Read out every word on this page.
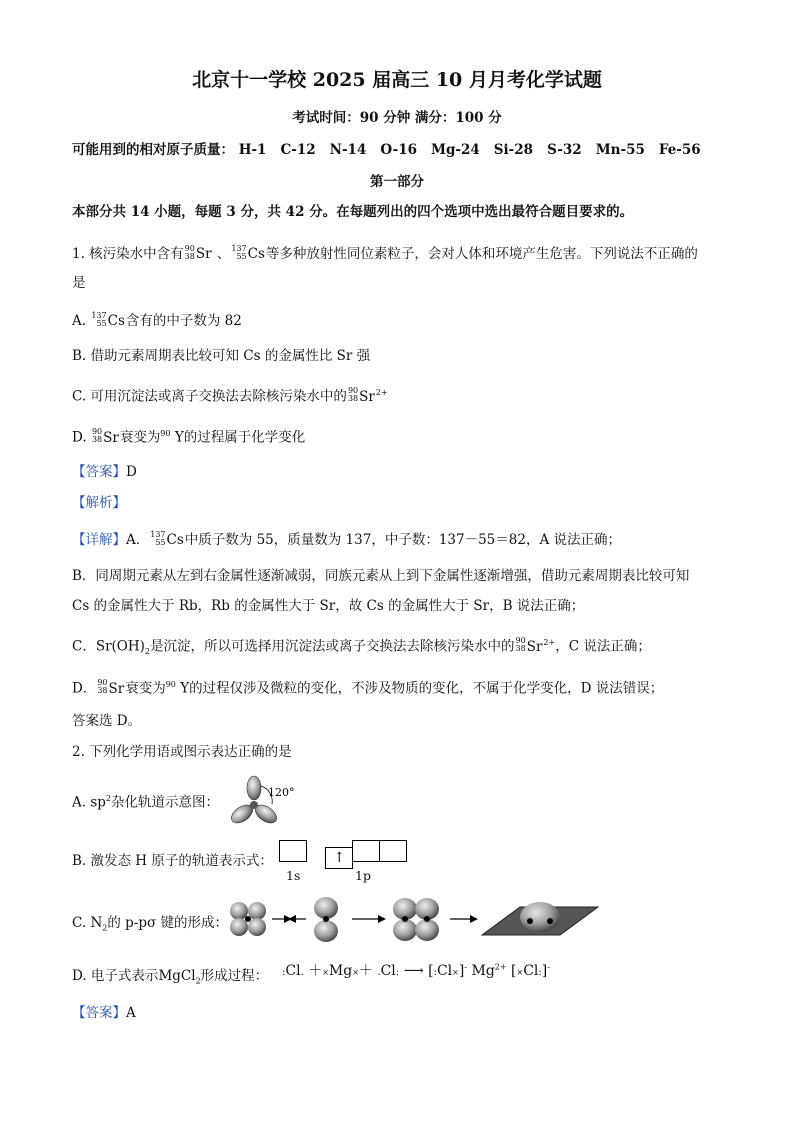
北京十一学校 2025 届高三 10 月月考化学试题
考试时间：90 分钟 满分：100 分
可能用到的相对原子质量： H-1 C-12 N-14 O-16 Mg-24 Si-28 S-32 Mn-55 Fe-56
第一部分
本部分共 14 小题，每题 3 分，共 42 分。在每题列出的四个选项中选出最符合题目要求的。
1. 核污染水中含有 90
38 Sr 、 137
55 Cs等多种放射性同位素粒子，会对人体和环境产生危害。下列说法不正确的
是
A. 137
55 Cs含有的中子数为 82
B. 借助元素周期表比较可知 Cs 的金属性比 Sr 强
C. 可用沉淀法或离子交换法去除核污染水中的 90
38 $Sr^{2+}$
D. 90
38 Sr衰变为$^{90}$ Y的过程属于化学变化
【答案】D
【解析】
【详解】A． 137
55 Cs中质子数为 55，质量数为 137，中子数：137－55＝82，A 说法正确；
B．同周期元素从左到右金属性逐渐减弱，同族元素从上到下金属性逐渐增强，借助元素周期表比较可知
Cs 的金属性大于 Rb，Rb 的金属性大于 Sr，故 Cs 的金属性大于 Sr，B 说法正确；
C．$Sr(OH)_2$是沉淀，所以可选择用沉淀法或离子交换法去除核污染水中的 90
38 $Sr^{2+}$，C 说法正确；
D． 90
38 Sr衰变为$^{90}$ Y的过程仅涉及微粒的变化，不涉及物质的变化，不属于化学变化，D 说法错误；
答案选 D。
2. 下列化学用语或图示表达正确的是
A. $sp^2$杂化轨道示意图：
120°
B. 激发态 H 原子的轨道表示式：	↑
1s	1p
C. $N_2$的 p-pσ 键的形成：
D. 电子式表示MgCl$_2$形成过程： :Cl. ＋×Mg×＋ .Cl: ⟶ [:Cl×]- $Mg^{2+}$ [×Cl:]-
【答案】A
